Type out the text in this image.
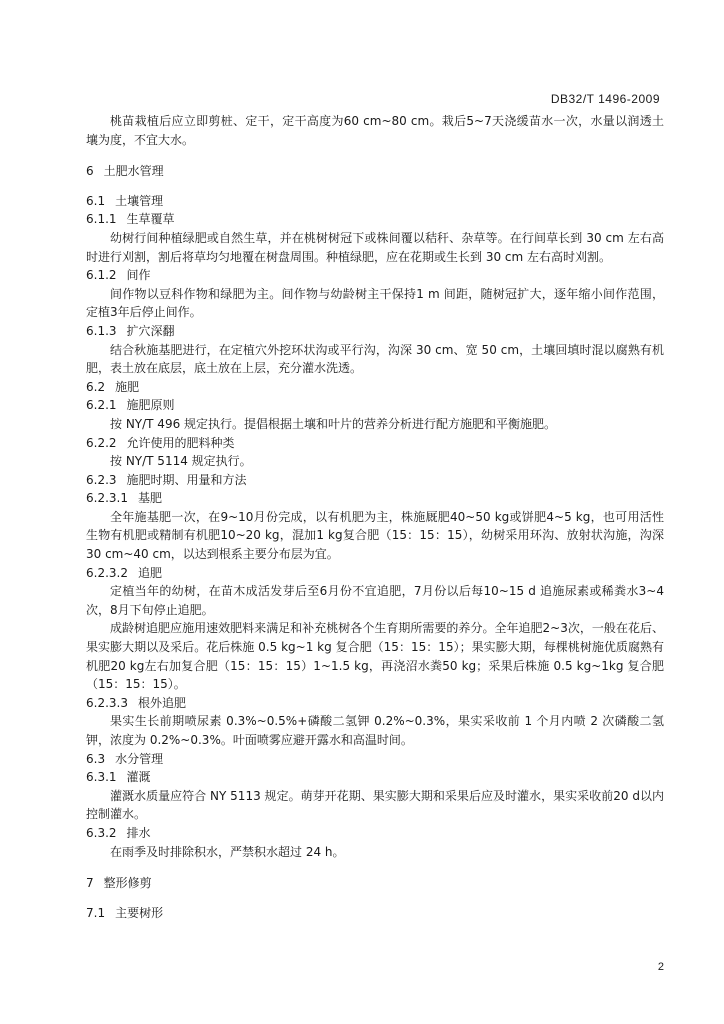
DB32/T 1496-2009

桃苗栽植后应立即剪桩、定干，定干高度为60 cm~80 cm。栽后5~7天浇缓苗水一次，水量以润透土壤为度，不宜大水。

6 土肥水管理

6.1 土壤管理

6.1.1 生草覆草

幼树行间种植绿肥或自然生草，并在桃树树冠下或株间覆以秸秆、杂草等。在行间草长到 30 cm 左右高时进行刈割，割后将草均匀地覆在树盘周围。种植绿肥，应在花期或生长到 30 cm 左右高时刈割。

6.1.2 间作

间作物以豆科作物和绿肥为主。间作物与幼龄树主干保持1 m 间距，随树冠扩大，逐年缩小间作范围，定植3年后停止间作。

6.1.3 扩穴深翻

结合秋施基肥进行，在定植穴外挖环状沟或平行沟，沟深 30 cm、宽 50 cm，土壤回填时混以腐熟有机肥，表土放在底层，底土放在上层，充分灌水洗透。

6.2 施肥

6.2.1 施肥原则

按 NY/T 496 规定执行。提倡根据土壤和叶片的营养分析进行配方施肥和平衡施肥。

6.2.2 允许使用的肥料种类

按 NY/T 5114 规定执行。

6.2.3 施肥时期、用量和方法

6.2.3.1 基肥

全年施基肥一次，在9~10月份完成，以有机肥为主，株施厩肥40~50 kg或饼肥4~5 kg，也可用活性生物有机肥或精制有机肥10~20 kg，混加1 kg复合肥（15：15：15），幼树采用环沟、放射状沟施，沟深 30 cm~40 cm，以达到根系主要分布层为宜。

6.2.3.2 追肥

定植当年的幼树，在苗木成活发芽后至6月份不宜追肥，7月份以后每10~15 d 追施尿素或稀粪水3~4次，8月下旬停止追肥。

成龄树追肥应施用速效肥料来满足和补充桃树各个生育期所需要的养分。全年追肥2~3次，一般在花后、果实膨大期以及采后。花后株施 0.5 kg~1 kg 复合肥（15：15：15）；果实膨大期，每棵桃树施优质腐熟有机肥20 kg左右加复合肥（15：15：15）1~1.5 kg，再浇沼水粪50 kg；采果后株施 0.5 kg~1kg 复合肥（15：15：15）。

6.2.3.3 根外追肥

果实生长前期喷尿素 0.3%~0.5%+磷酸二氢钾 0.2%~0.3%，果实采收前 1 个月内喷 2 次磷酸二氢钾，浓度为 0.2%~0.3%。叶面喷雾应避开露水和高温时间。

6.3 水分管理

6.3.1 灌溉

灌溉水质量应符合 NY 5113 规定。萌芽开花期、果实膨大期和采果后应及时灌水，果实采收前20 d以内控制灌水。

6.3.2 排水

在雨季及时排除积水，严禁积水超过 24 h。

7 整形修剪

7.1 主要树形

2
